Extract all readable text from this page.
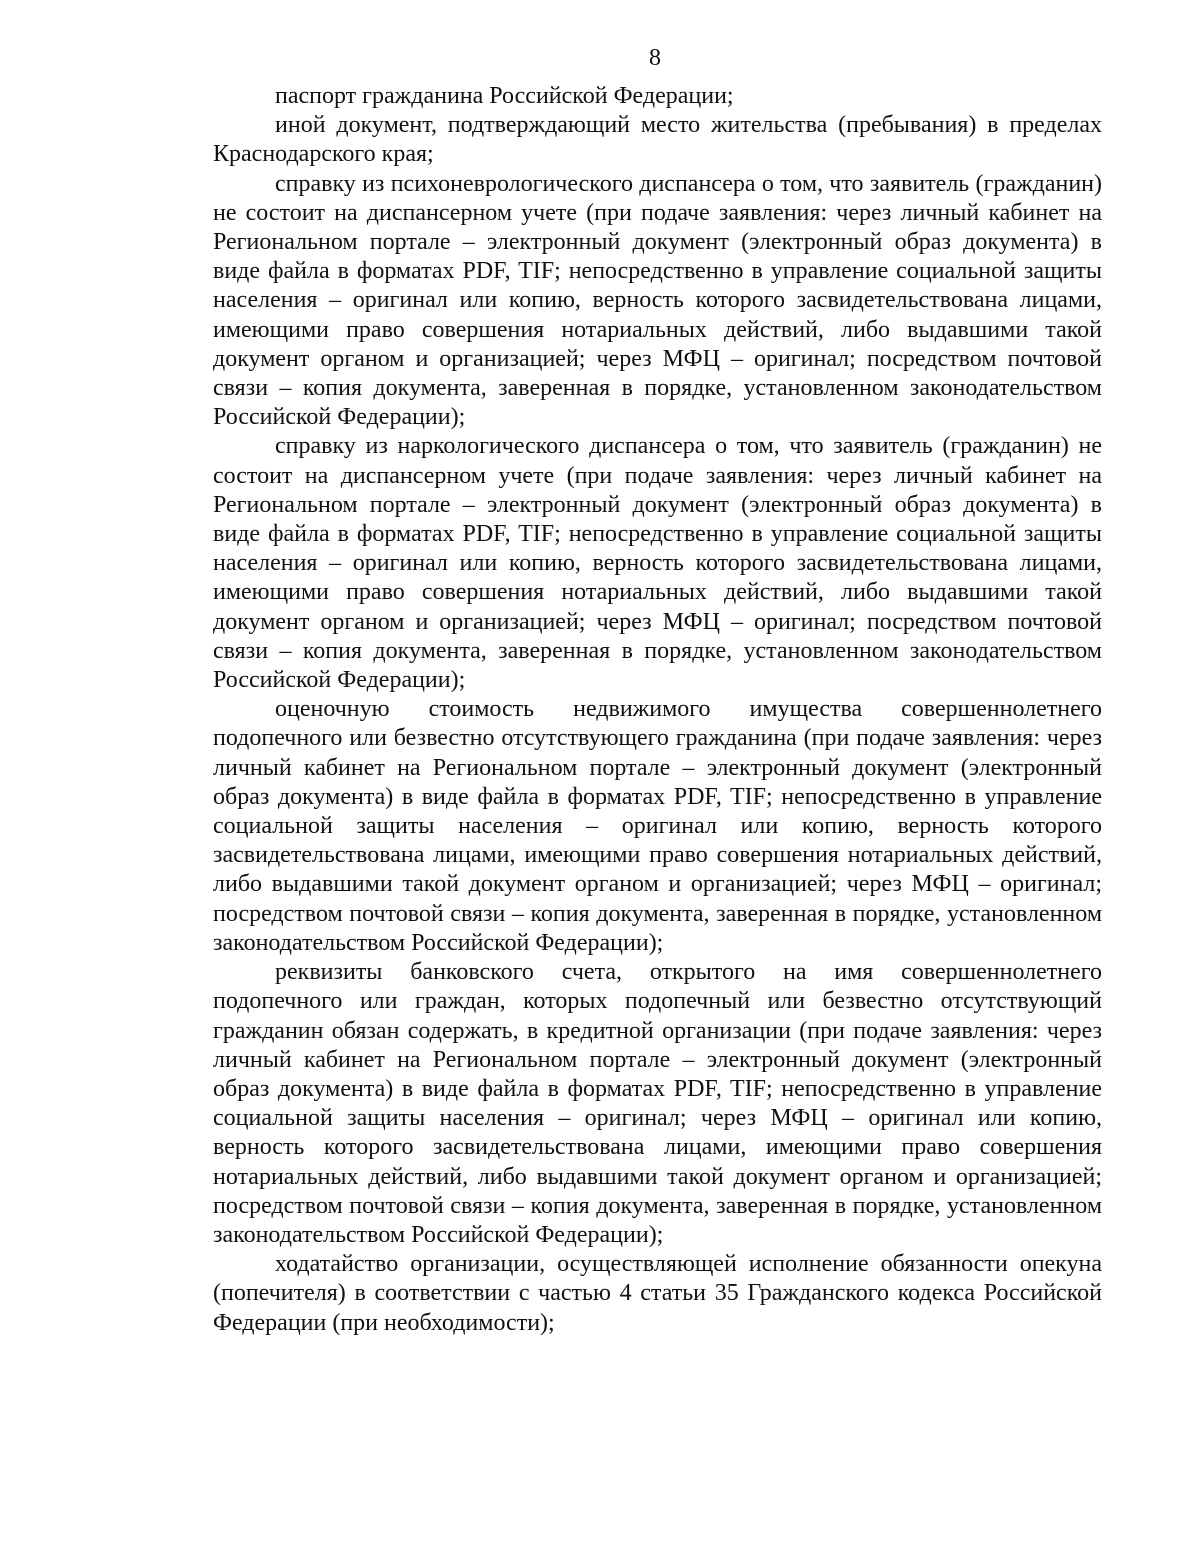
8

паспорт гражданина Российской Федерации;

иной документ, подтверждающий место жительства (пребывания) в пределах Краснодарского края;

справку из психоневрологического диспансера о том, что заявитель (гражданин) не состоит на диспансерном учете (при подаче заявления: через личный кабинет на Региональном портале – электронный документ (электронный образ документа) в виде файла в форматах PDF, TIF; непосредственно в управление социальной защиты населения – оригинал или копию, верность которого засвидетельствована лицами, имеющими право совершения нотариальных действий, либо выдавшими такой документ органом и организацией; через МФЦ – оригинал; посредством почтовой связи – копия документа, заверенная в порядке, установленном законодательством Российской Федерации);

справку из наркологического диспансера о том, что заявитель (гражданин) не состоит на диспансерном учете (при подаче заявления: через личный кабинет на Региональном портале – электронный документ (электронный образ документа) в виде файла в форматах PDF, TIF; непосредственно в управление социальной защиты населения – оригинал или копию, верность которого засвидетельствована лицами, имеющими право совершения нотариальных действий, либо выдавшими такой документ органом и организацией; через МФЦ – оригинал; посредством почтовой связи – копия документа, заверенная в порядке, установленном законодательством Российской Федерации);

оценочную стоимость недвижимого имущества совершеннолетнего подопечного или безвестно отсутствующего гражданина (при подаче заявления: через личный кабинет на Региональном портале – электронный документ (электронный образ документа) в виде файла в форматах PDF, TIF; непосредственно в управление социальной защиты населения – оригинал или копию, верность которого засвидетельствована лицами, имеющими право совершения нотариальных действий, либо выдавшими такой документ органом и организацией; через МФЦ – оригинал; посредством почтовой связи – копия документа, заверенная в порядке, установленном законодательством Российской Федерации);

реквизиты банковского счета, открытого на имя совершеннолетнего подопечного или граждан, которых подопечный или безвестно отсутствующий гражданин обязан содержать, в кредитной организации (при подаче заявления: через личный кабинет на Региональном портале – электронный документ (электронный образ документа) в виде файла в форматах PDF, TIF; непосредственно в управление социальной защиты населения – оригинал; через МФЦ – оригинал или копию, верность которого засвидетельствована лицами, имеющими право совершения нотариальных действий, либо выдавшими такой документ органом и организацией; посредством почтовой связи – копия документа, заверенная в порядке, установленном законодательством Российской Федерации);

ходатайство организации, осуществляющей исполнение обязанности опекуна (попечителя) в соответствии с частью 4 статьи 35 Гражданского кодекса Российской Федерации (при необходимости);
